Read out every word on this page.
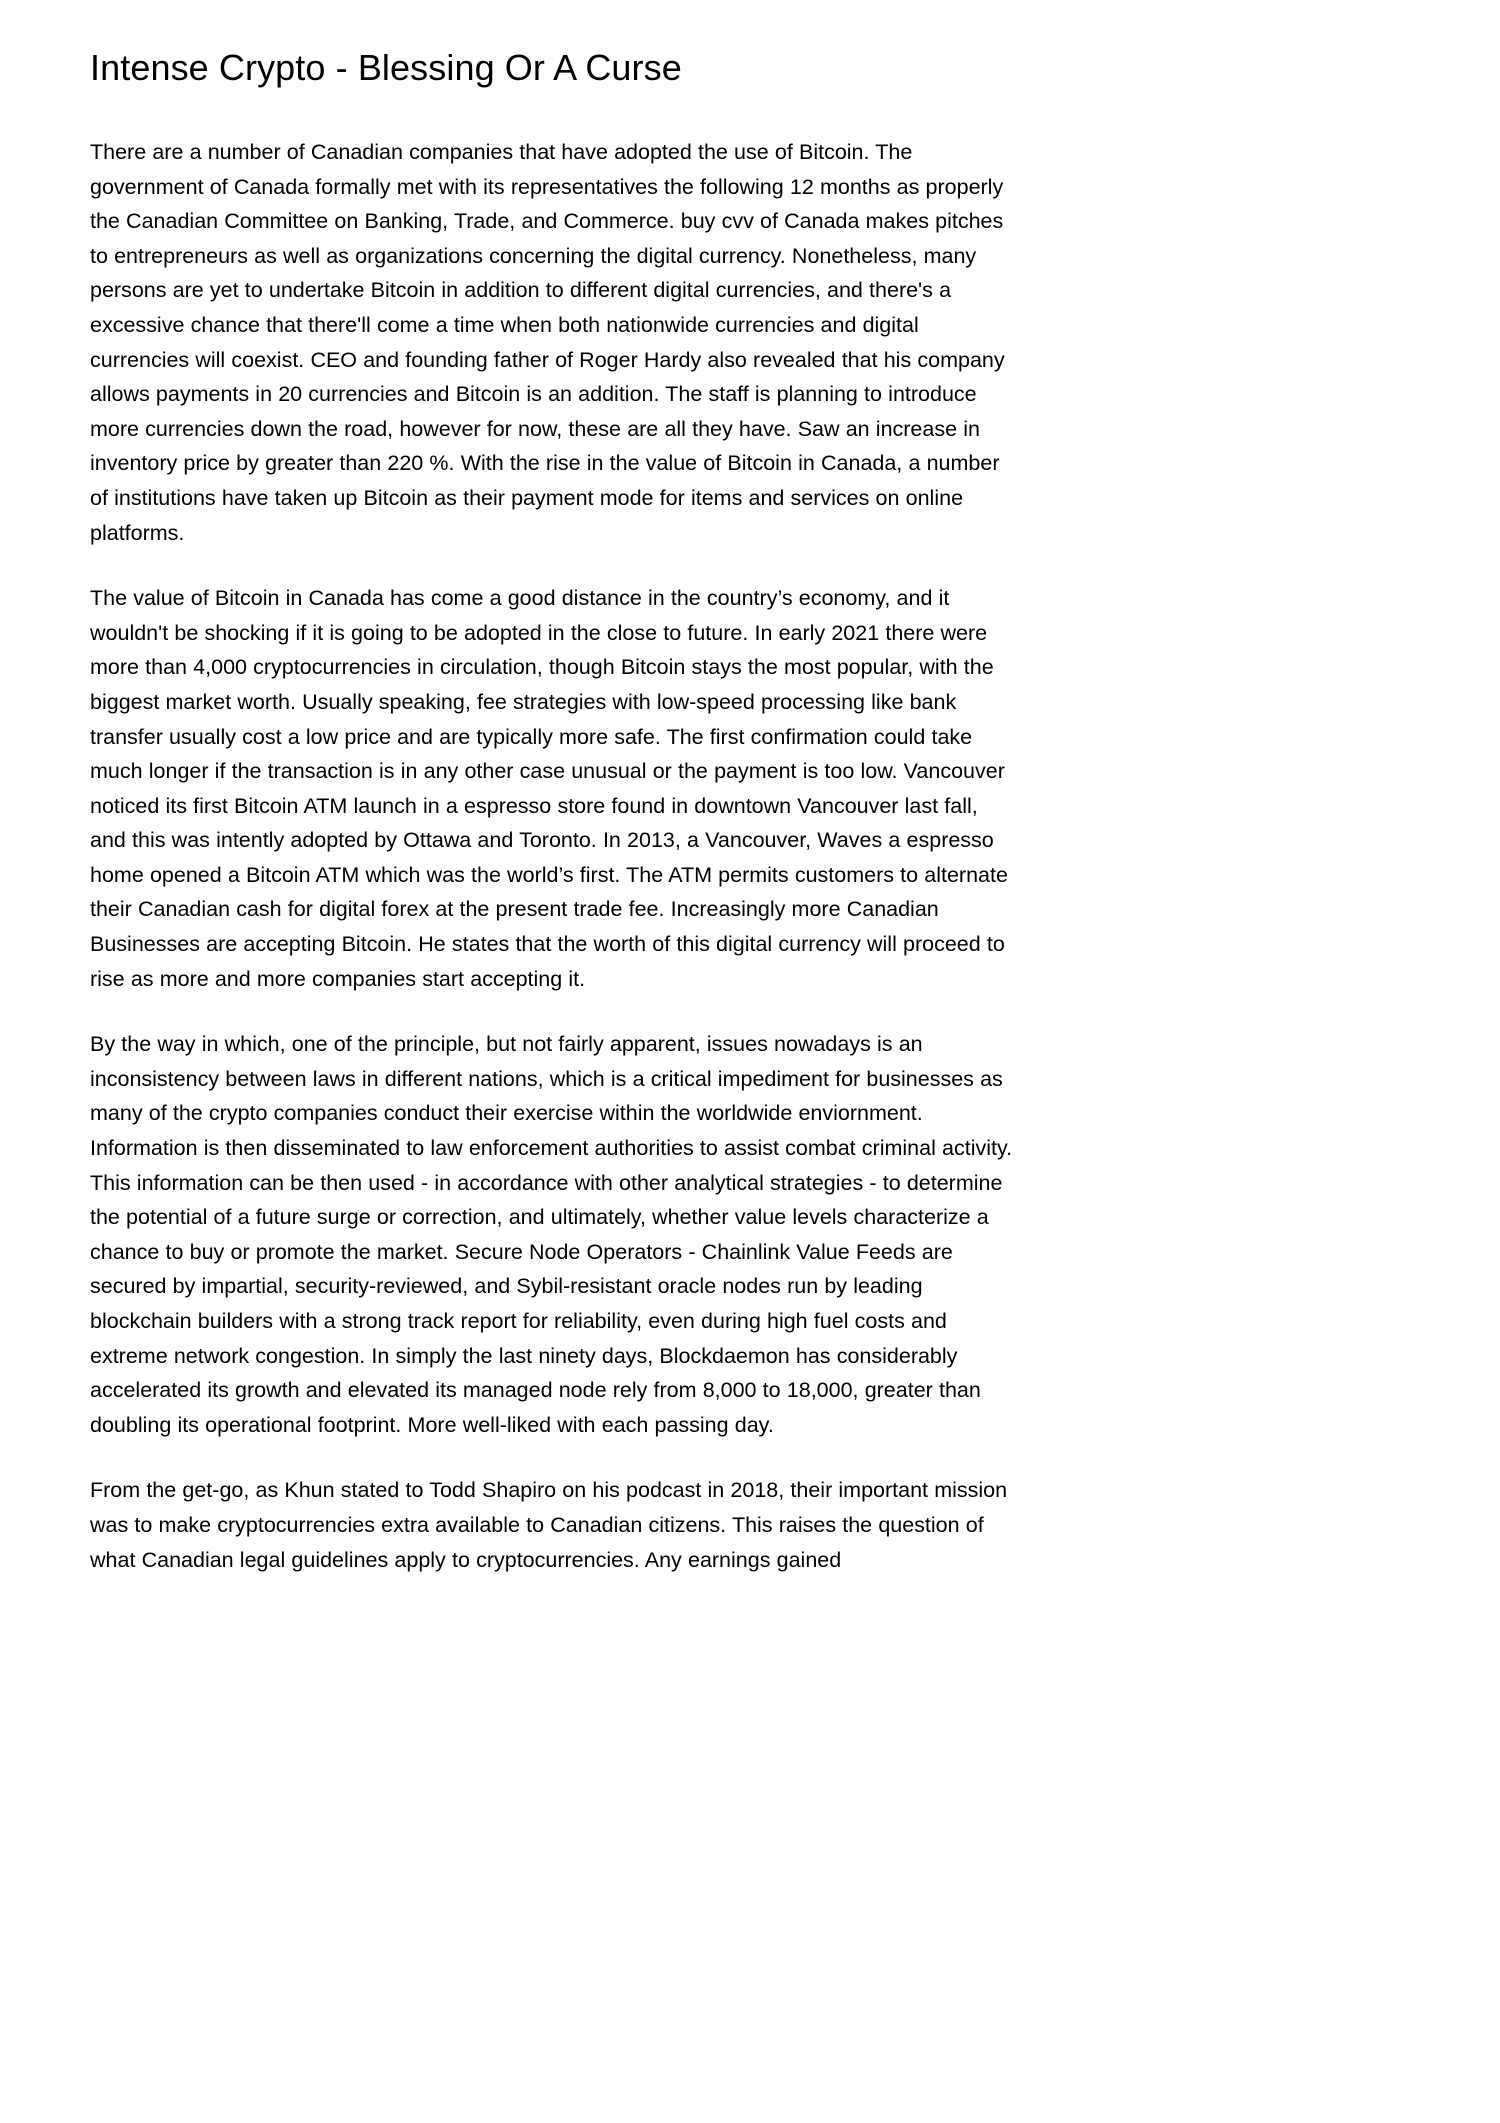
Intense Crypto - Blessing Or A Curse

There are a number of Canadian companies that have adopted the use of Bitcoin. The government of Canada formally met with its representatives the following 12 months as properly the Canadian Committee on Banking, Trade, and Commerce. buy cvv of Canada makes pitches to entrepreneurs as well as organizations concerning the digital currency. Nonetheless, many persons are yet to undertake Bitcoin in addition to different digital currencies, and there's a excessive chance that there'll come a time when both nationwide currencies and digital currencies will coexist. CEO and founding father of Roger Hardy also revealed that his company allows payments in 20 currencies and Bitcoin is an addition. The staff is planning to introduce more currencies down the road, however for now, these are all they have. Saw an increase in inventory price by greater than 220 %. With the rise in the value of Bitcoin in Canada, a number of institutions have taken up Bitcoin as their payment mode for items and services on online platforms.

The value of Bitcoin in Canada has come a good distance in the country’s economy, and it wouldn't be shocking if it is going to be adopted in the close to future. In early 2021 there were more than 4,000 cryptocurrencies in circulation, though Bitcoin stays the most popular, with the biggest market worth. Usually speaking, fee strategies with low-speed processing like bank transfer usually cost a low price and are typically more safe. The first confirmation could take much longer if the transaction is in any other case unusual or the payment is too low. Vancouver noticed its first Bitcoin ATM launch in a espresso store found in downtown Vancouver last fall, and this was intently adopted by Ottawa and Toronto. In 2013, a Vancouver, Waves a espresso home opened a Bitcoin ATM which was the world’s first. The ATM permits customers to alternate their Canadian cash for digital forex at the present trade fee. Increasingly more Canadian Businesses are accepting Bitcoin. He states that the worth of this digital currency will proceed to rise as more and more companies start accepting it.

By the way in which, one of the principle, but not fairly apparent, issues nowadays is an inconsistency between laws in different nations, which is a critical impediment for businesses as many of the crypto companies conduct their exercise within the worldwide enviornment. Information is then disseminated to law enforcement authorities to assist combat criminal activity. This information can be then used - in accordance with other analytical strategies - to determine the potential of a future surge or correction, and ultimately, whether value levels characterize a chance to buy or promote the market. Secure Node Operators - Chainlink Value Feeds are secured by impartial, security-reviewed, and Sybil-resistant oracle nodes run by leading blockchain builders with a strong track report for reliability, even during high fuel costs and extreme network congestion. In simply the last ninety days, Blockdaemon has considerably accelerated its growth and elevated its managed node rely from 8,000 to 18,000, greater than doubling its operational footprint. More well-liked with each passing day.

From the get-go, as Khun stated to Todd Shapiro on his podcast in 2018, their important mission was to make cryptocurrencies extra available to Canadian citizens. This raises the question of what Canadian legal guidelines apply to cryptocurrencies. Any earnings gained
